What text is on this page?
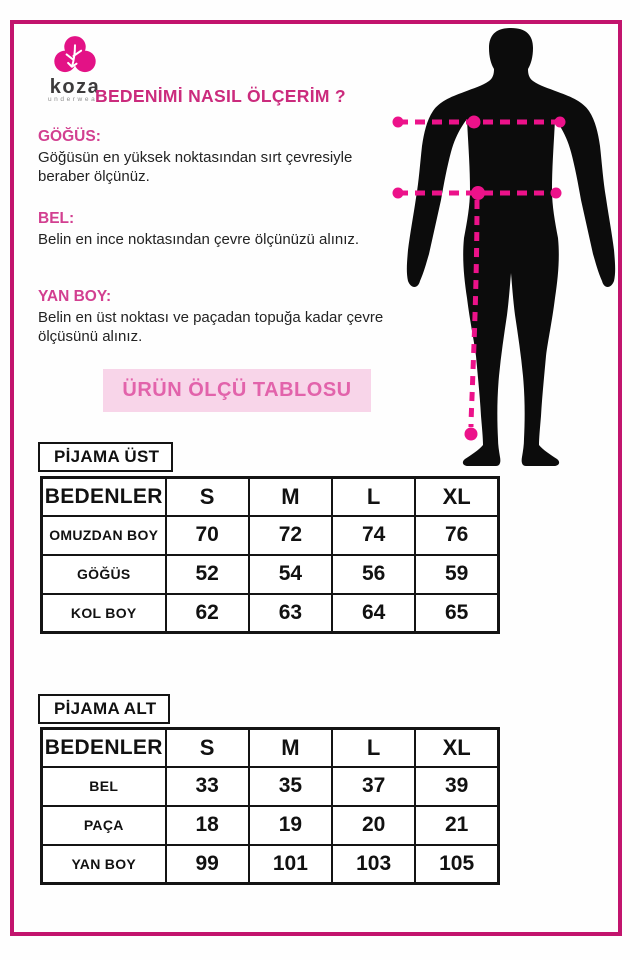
koza
underwear
BEDENİMİ NASIL ÖLÇERİM ?
GÖĞÜS:
Göğüsün en yüksek noktasından sırt çevresiyle beraber ölçünüz.
BEL:
Belin en ince noktasından çevre ölçünüzü alınız.
YAN BOY:
Belin en üst noktası ve paçadan topuğa kadar çevre ölçüsünü alınız.
ÜRÜN ÖLÇÜ TABLOSU
PİJAMA ÜST
BEDENLER	S	M	L	XL
OMUZDAN BOY	70	72	74	76
GÖĞÜS	52	54	56	59
KOL BOY	62	63	64	65
PİJAMA ALT
BEDENLER	S	M	L	XL
BEL	33	35	37	39
PAÇA	18	19	20	21
YAN BOY	99	101	103	105
